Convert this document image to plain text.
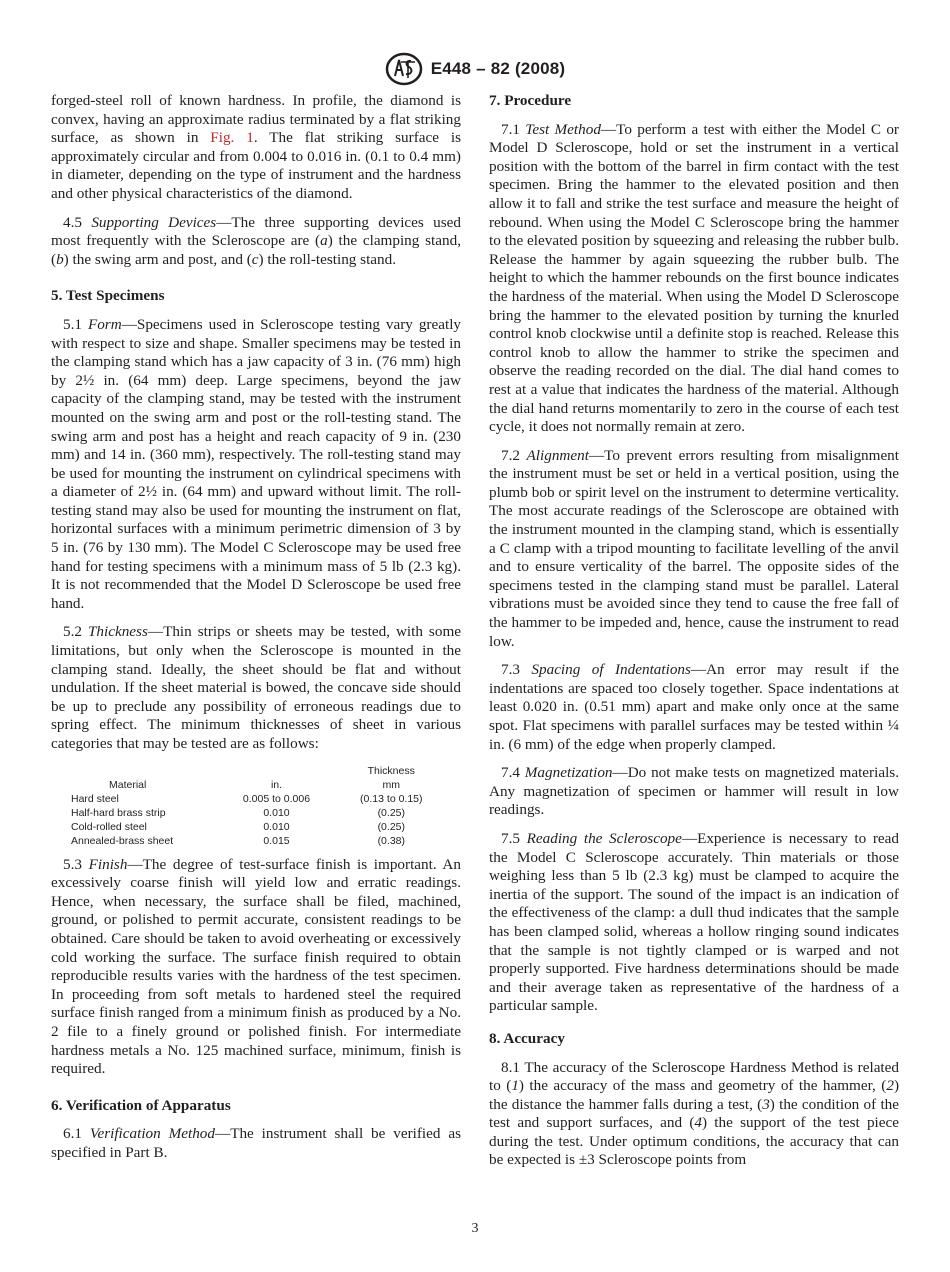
E448 – 82 (2008)

forged-steel roll of known hardness. In profile, the diamond is convex, having an approximate radius terminated by a flat striking surface, as shown in Fig. 1. The flat striking surface is approximately circular and from 0.004 to 0.016 in. (0.1 to 0.4 mm) in diameter, depending on the type of instrument and the hardness and other physical characteristics of the diamond.

4.5 Supporting Devices—The three supporting devices used most frequently with the Scleroscope are (a) the clamping stand, (b) the swing arm and post, and (c) the roll-testing stand.

5. Test Specimens

5.1 Form—Specimens used in Scleroscope testing vary greatly with respect to size and shape. Smaller specimens may be tested in the clamping stand which has a jaw capacity of 3 in. (76 mm) high by 2½ in. (64 mm) deep. Large specimens, beyond the jaw capacity of the clamping stand, may be tested with the instrument mounted on the swing arm and post or the roll-testing stand. The swing arm and post has a height and reach capacity of 9 in. (230 mm) and 14 in. (360 mm), respectively. The roll-testing stand may be used for mounting the instrument on cylindrical specimens with a diameter of 2½ in. (64 mm) and upward without limit. The roll-testing stand may also be used for mounting the instrument on flat, horizontal surfaces with a minimum perimetric dimension of 3 by 5 in. (76 by 130 mm). The Model C Scleroscope may be used free hand for testing specimens with a minimum mass of 5 lb (2.3 kg). It is not recommended that the Model D Scleroscope be used free hand.

5.2 Thickness—Thin strips or sheets may be tested, with some limitations, but only when the Scleroscope is mounted in the clamping stand. Ideally, the sheet should be flat and without undulation. If the sheet material is bowed, the concave side should be up to preclude any possibility of erroneous readings due to spring effect. The minimum thicknesses of sheet in various categories that may be tested are as follows:

	Thickness	
Material	in.	mm
Hard steel	0.005 to 0.006	(0.13 to 0.15)
Half-hard brass strip	0.010	(0.25)
Cold-rolled steel	0.010	(0.25)
Annealed-brass sheet	0.015	(0.38)

5.3 Finish—The degree of test-surface finish is important. An excessively coarse finish will yield low and erratic readings. Hence, when necessary, the surface shall be filed, machined, ground, or polished to permit accurate, consistent readings to be obtained. Care should be taken to avoid overheating or excessively cold working the surface. The surface finish required to obtain reproducible results varies with the hardness of the test specimen. In proceeding from soft metals to hardened steel the required surface finish ranged from a minimum finish as produced by a No. 2 file to a finely ground or polished finish. For intermediate hardness metals a No. 125 machined surface, minimum, finish is required.

6. Verification of Apparatus

6.1 Verification Method—The instrument shall be verified as specified in Part B.

7. Procedure

7.1 Test Method—To perform a test with either the Model C or Model D Scleroscope, hold or set the instrument in a vertical position with the bottom of the barrel in firm contact with the test specimen. Bring the hammer to the elevated position and then allow it to fall and strike the test surface and measure the height of rebound. When using the Model C Scleroscope bring the hammer to the elevated position by squeezing and releasing the rubber bulb. Release the hammer by again squeezing the rubber bulb. The height to which the hammer rebounds on the first bounce indicates the hardness of the material. When using the Model D Scleroscope bring the hammer to the elevated position by turning the knurled control knob clockwise until a definite stop is reached. Release this control knob to allow the hammer to strike the specimen and observe the reading recorded on the dial. The dial hand comes to rest at a value that indicates the hardness of the material. Although the dial hand returns momentarily to zero in the course of each test cycle, it does not normally remain at zero.

7.2 Alignment—To prevent errors resulting from misalignment the instrument must be set or held in a vertical position, using the plumb bob or spirit level on the instrument to determine verticality. The most accurate readings of the Scleroscope are obtained with the instrument mounted in the clamping stand, which is essentially a C clamp with a tripod mounting to facilitate levelling of the anvil and to ensure verticality of the barrel. The opposite sides of the specimens tested in the clamping stand must be parallel. Lateral vibrations must be avoided since they tend to cause the free fall of the hammer to be impeded and, hence, cause the instrument to read low.

7.3 Spacing of Indentations—An error may result if the indentations are spaced too closely together. Space indentations at least 0.020 in. (0.51 mm) apart and make only once at the same spot. Flat specimens with parallel surfaces may be tested within ¼ in. (6 mm) of the edge when properly clamped.

7.4 Magnetization—Do not make tests on magnetized materials. Any magnetization of specimen or hammer will result in low readings.

7.5 Reading the Scleroscope—Experience is necessary to read the Model C Scleroscope accurately. Thin materials or those weighing less than 5 lb (2.3 kg) must be clamped to acquire the inertia of the support. The sound of the impact is an indication of the effectiveness of the clamp: a dull thud indicates that the sample has been clamped solid, whereas a hollow ringing sound indicates that the sample is not tightly clamped or is warped and not properly supported. Five hardness determinations should be made and their average taken as representative of the hardness of a particular sample.

8. Accuracy

8.1 The accuracy of the Scleroscope Hardness Method is related to (1) the accuracy of the mass and geometry of the hammer, (2) the distance the hammer falls during a test, (3) the condition of the test and support surfaces, and (4) the support of the test piece during the test. Under optimum conditions, the accuracy that can be expected is ±3 Scleroscope points from

3
